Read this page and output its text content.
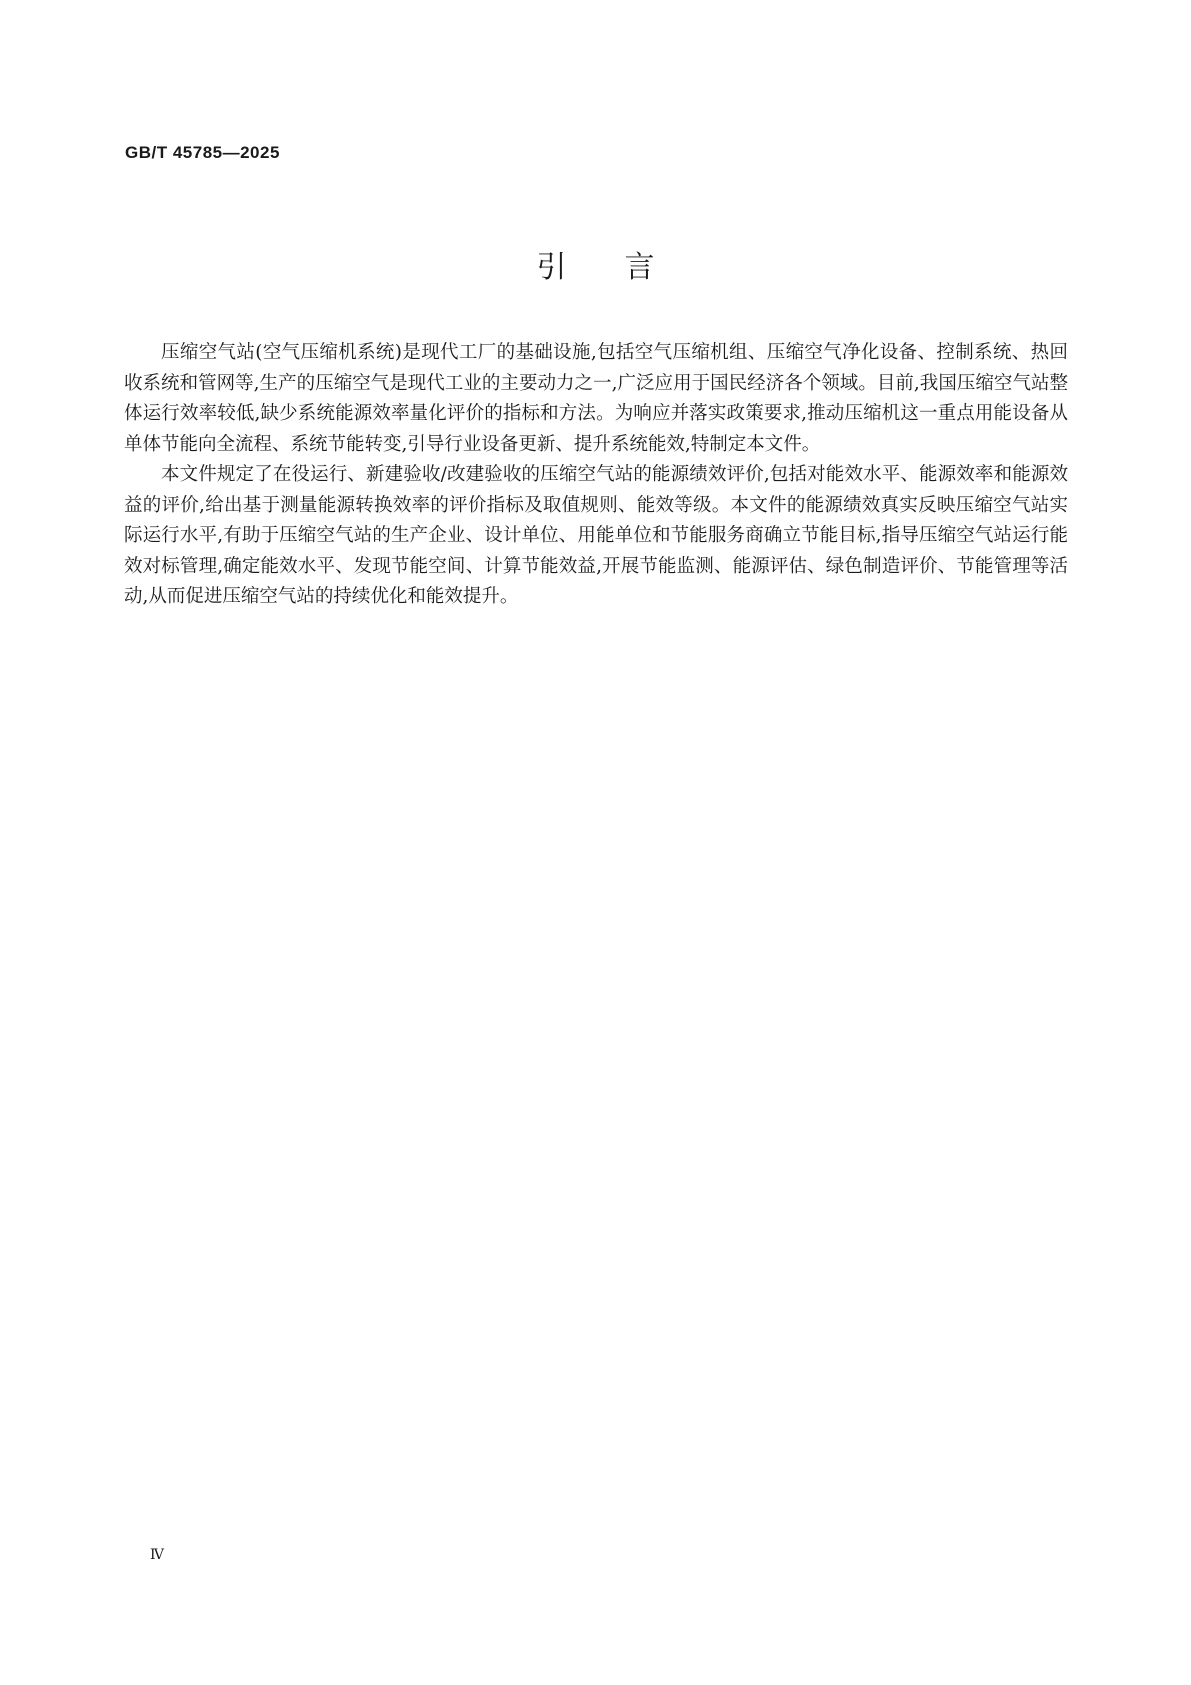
GB/T 45785—2025
引言

压缩空气站(空气压缩机系统)是现代工厂的基础设施,包括空气压缩机组、压缩空气净化设备、控制系统、热回收系统和管网等,生产的压缩空气是现代工业的主要动力之一,广泛应用于国民经济各个领域。目前,我国压缩空气站整体运行效率较低,缺少系统能源效率量化评价的指标和方法。为响应并落实政策要求,推动压缩机这一重点用能设备从单体节能向全流程、系统节能转变,引导行业设备更新、提升系统能效,特制定本文件。

本文件规定了在役运行、新建验收/改建验收的压缩空气站的能源绩效评价,包括对能效水平、能源效率和能源效益的评价,给出基于测量能源转换效率的评价指标及取值规则、能效等级。本文件的能源绩效真实反映压缩空气站实际运行水平,有助于压缩空气站的生产企业、设计单位、用能单位和节能服务商确立节能目标,指导压缩空气站运行能效对标管理,确定能效水平、发现节能空间、计算节能效益,开展节能监测、能源评估、绿色制造评价、节能管理等活动,从而促进压缩空气站的持续优化和能效提升。

Ⅳ
